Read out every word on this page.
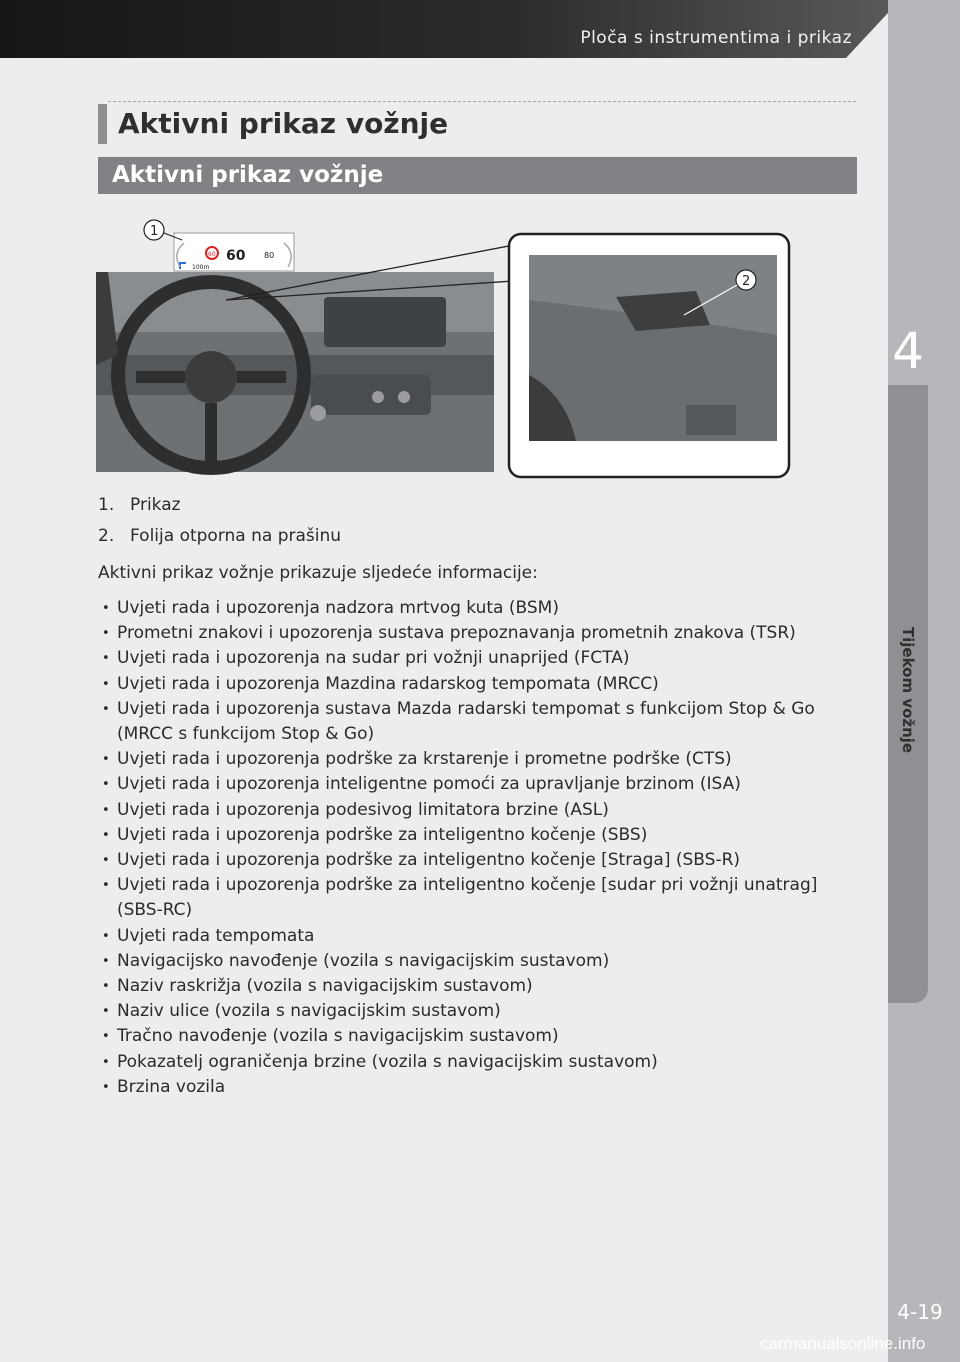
Ploča s instrumentima i prikaz
4
Tijekom vožnje
4-19
carmanualsonline.info
Aktivni prikaz vožnje
Aktivni prikaz vožnje
60 60 80
100m
1
2
1. Prikaz
2. Folija otporna na prašinu

Aktivni prikaz vožnje prikazuje sljedeće informacije:

• Uvjeti rada i upozorenja nadzora mrtvog kuta (BSM)
• Prometni znakovi i upozorenja sustava prepoznavanja prometnih znakova (TSR)
• Uvjeti rada i upozorenja na sudar pri vožnji unaprijed (FCTA)
• Uvjeti rada i upozorenja Mazdina radarskog tempomata (MRCC)
• Uvjeti rada i upozorenja sustava Mazda radarski tempomat s funkcijom Stop & Go (MRCC s funkcijom Stop & Go)
• Uvjeti rada i upozorenja podrške za krstarenje i prometne podrške (CTS)
• Uvjeti rada i upozorenja inteligentne pomoći za upravljanje brzinom (ISA)
• Uvjeti rada i upozorenja podesivog limitatora brzine (ASL)
• Uvjeti rada i upozorenja podrške za inteligentno kočenje (SBS)
• Uvjeti rada i upozorenja podrške za inteligentno kočenje [Straga] (SBS-R)
• Uvjeti rada i upozorenja podrške za inteligentno kočenje [sudar pri vožnji unatrag] (SBS-RC)
• Uvjeti rada tempomata
• Navigacijsko navođenje (vozila s navigacijskim sustavom)
• Naziv raskrižja (vozila s navigacijskim sustavom)
• Naziv ulice (vozila s navigacijskim sustavom)
• Tračno navođenje (vozila s navigacijskim sustavom)
• Pokazatelj ograničenja brzine (vozila s navigacijskim sustavom)
• Brzina vozila
